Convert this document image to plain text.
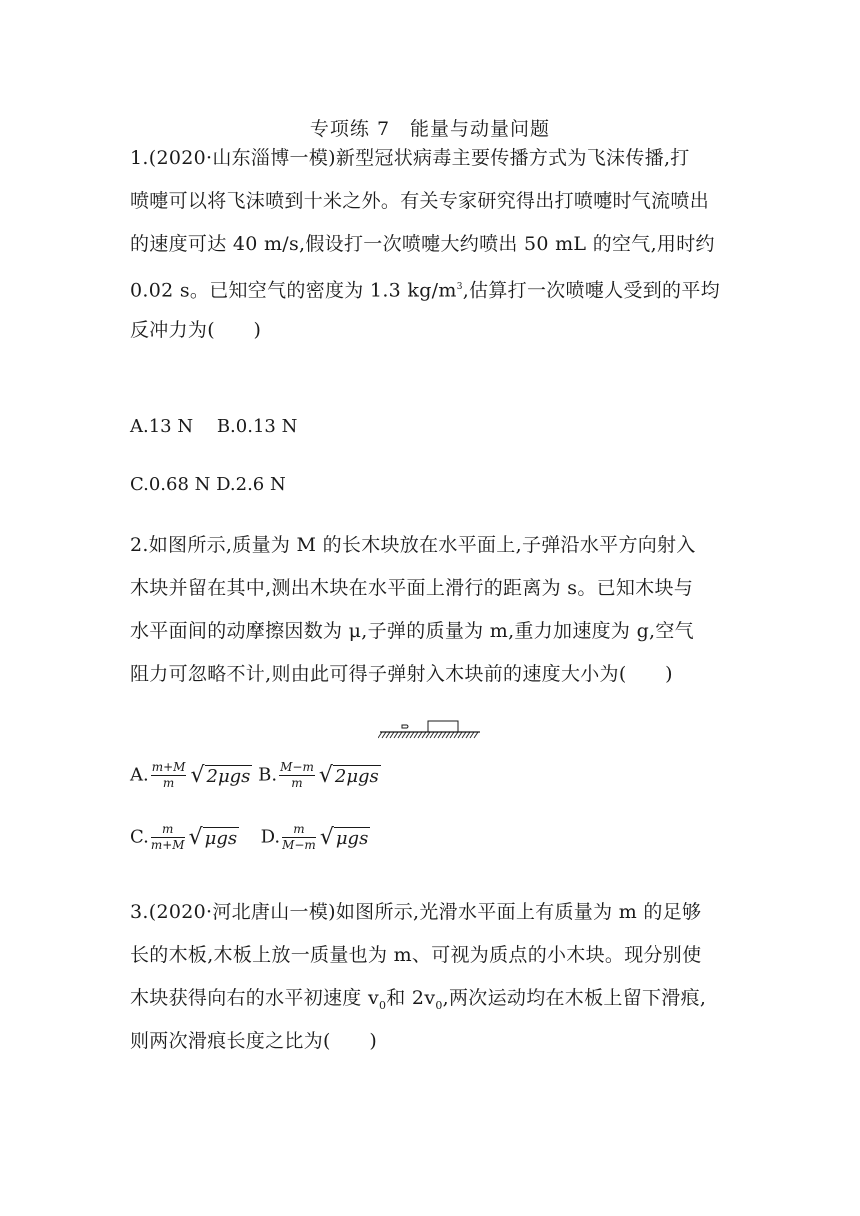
专项练 7　能量与动量问题
1.(2020·山东淄博一模)新型冠状病毒主要传播方式为飞沫传播,打
喷嚏可以将飞沫喷到十米之外。有关专家研究得出打喷嚏时气流喷出
的速度可达 40 m/s,假设打一次喷嚏大约喷出 50 mL 的空气,用时约
0.02 s。已知空气的密度为 1.3 $kg/m^3$,估算打一次喷嚏人受到的平均
反冲力为(　　)
A.13 N　 B.0.13 N
C.0.68 N D.2.6 N
2.如图所示,质量为 M 的长木块放在水平面上,子弹沿水平方向射入
木块并留在其中,测出木块在水平面上滑行的距离为 s。已知木块与
水平面间的动摩擦因数为 μ,子弹的质量为 m,重力加速度为 g,空气
阻力可忽略不计,则由此可得子弹射入木块前的速度大小为(　　)
A. $\frac{m+M}{m}$ √ 2μgs B. $\frac{M-m}{m}$ √ 2μgs
C. $\frac{m}{m+M}$ √ μgs D. $\frac{m}{M-m}$ √ μgs
3.(2020·河北唐山一模)如图所示,光滑水平面上有质量为 m 的足够
长的木板,木板上放一质量也为 m、可视为质点的小木块。现分别使
木块获得向右的水平初速度 $v_0$和 $2v_0$,两次运动均在木板上留下滑痕,
则两次滑痕长度之比为(　　)
